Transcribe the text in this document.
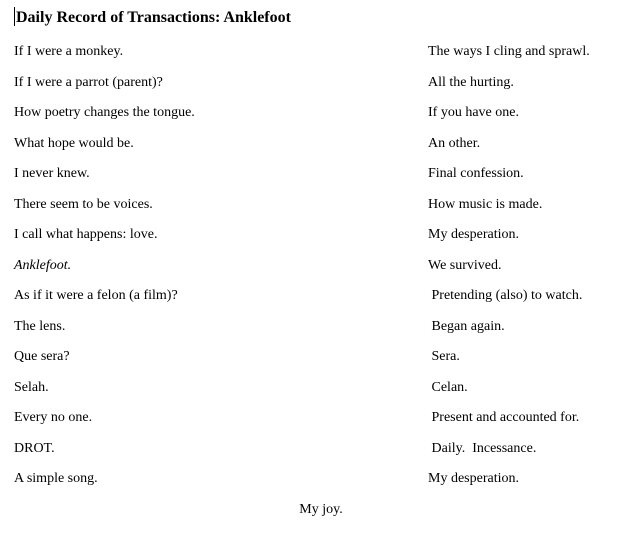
Daily Record of Transactions: Anklefoot
If I were a monkey.	The ways I cling and sprawl.
If I were a parrot (parent)?	All the hurting.
How poetry changes the tongue.	If you have one.
What hope would be.	An other.
I never knew.	Final confession.
There seem to be voices.	How music is made.
I call what happens: love.	My desperation.
Anklefoot.	We survived.
As if it were a felon (a film)?	Pretending (also) to watch.
The lens.	Began again.
Que sera?	Sera.
Selah.	Celan.
Every no one.	Present and accounted for.
DROT.	Daily.  Incessance.
A simple song.	My desperation.
My joy.
